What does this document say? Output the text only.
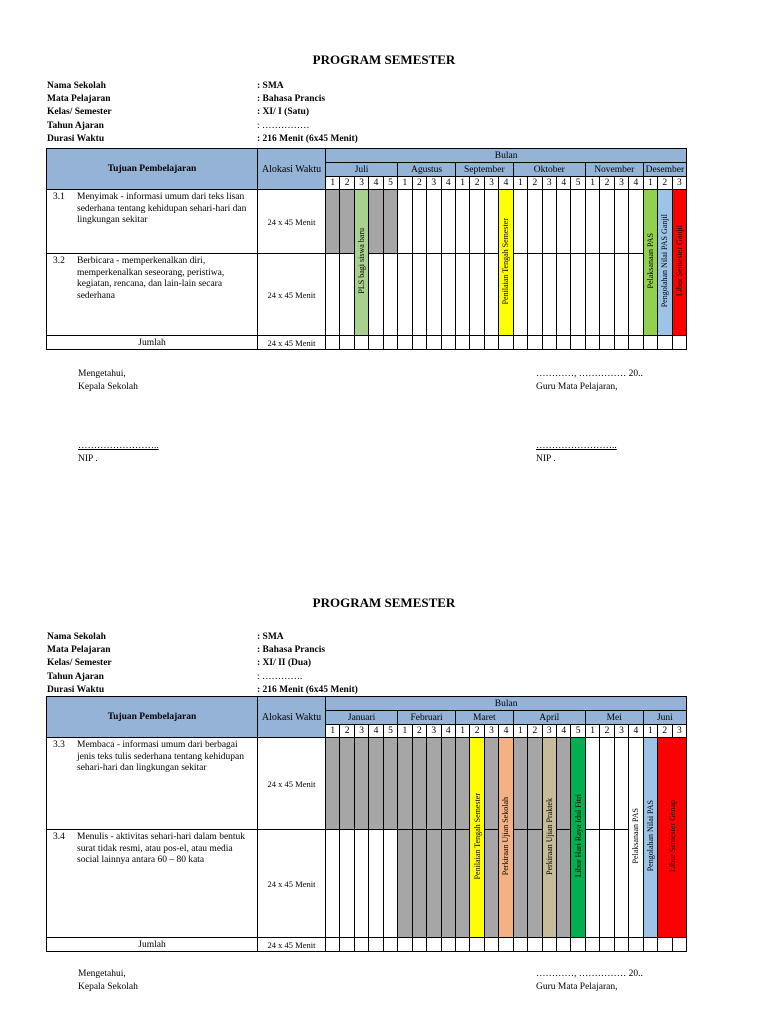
PROGRAM SEMESTER
Nama Sekolah	: SMA
Mata Pelajaran	: Bahasa Prancis
Kelas/ Semester	: XI/ I (Satu)
Tahun Ajaran	: ……………
Durasi Waktu	: 216 Menit (6x45 Menit)
Tujuan Pembelajaran	Alokasi Waktu	Bulan																								
		Juli					Agustus				September				Oktober					November				Desember		
		1	2	3	4	5	1	2	3	4	1	2	3	4	1	2	3	4	5	1	2	3	4	1	2	3

3.1 Menyimak - informasi umum dari teks lisan sederhana tentang kehidupan sehari-hari dan lingkungan sekitar	24 x 45 Menit			PLS bagi siswa baru										Penilaian Tengah Semester										Pelaksanaan PAS	Pengolahan Nilai PAS Ganjil	Libur Semester Ganjil

3.2 Berbicara - memperkenalkan diri, memperkenalkan seseorang, peristiwa, kegiatan, rencana, dan lain-lain secara sederhana	24 x 45 Menit																									
Jumlah	24 x 45 Menit																									
Mengetahui,
Kepala Sekolah
……………………..
NIP .
…………, …………… 20..
Guru Mata Pelajaran,
……………………..
NIP .
PROGRAM SEMESTER
Nama Sekolah	: SMA
Mata Pelajaran	: Bahasa Prancis
Kelas/ Semester	: XI/ II (Dua)
Tahun Ajaran	: ………….
Durasi Waktu	: 216 Menit (6x45 Menit)
Tujuan Pembelajaran	Alokasi Waktu	Bulan																								
		Januari					Februari				Maret				April					Mei				Juni		
		1	2	3	4	5	1	2	3	4	1	2	3	4	1	2	3	4	5	1	2	3	4	1	2	3

3.3 Membaca - informasi umum dari berbagai jenis teks tulis sederhana tentang kehidupan sehari-hari dan lingkungan sekitar	24 x 45 Menit											Penilaian Tengah Semester		Perkiraan Ujian Sekolah			Perkiraan Ujian Praktek		Libur Hari Raya Idul Fitri				Pelaksanaan PAS	Pengolahan Nilai PAS	Libur Semester Genap	

3.4 Menulis - aktivitas sehari-hari dalam bentuk surat tidak resmi, atau pos-el, atau media social lainnya antara 60 – 80 kata	24 x 45 Menit																									
Jumlah	24 x 45 Menit																									
Mengetahui,
Kepala Sekolah
…………, …………… 20..
Guru Mata Pelajaran,
